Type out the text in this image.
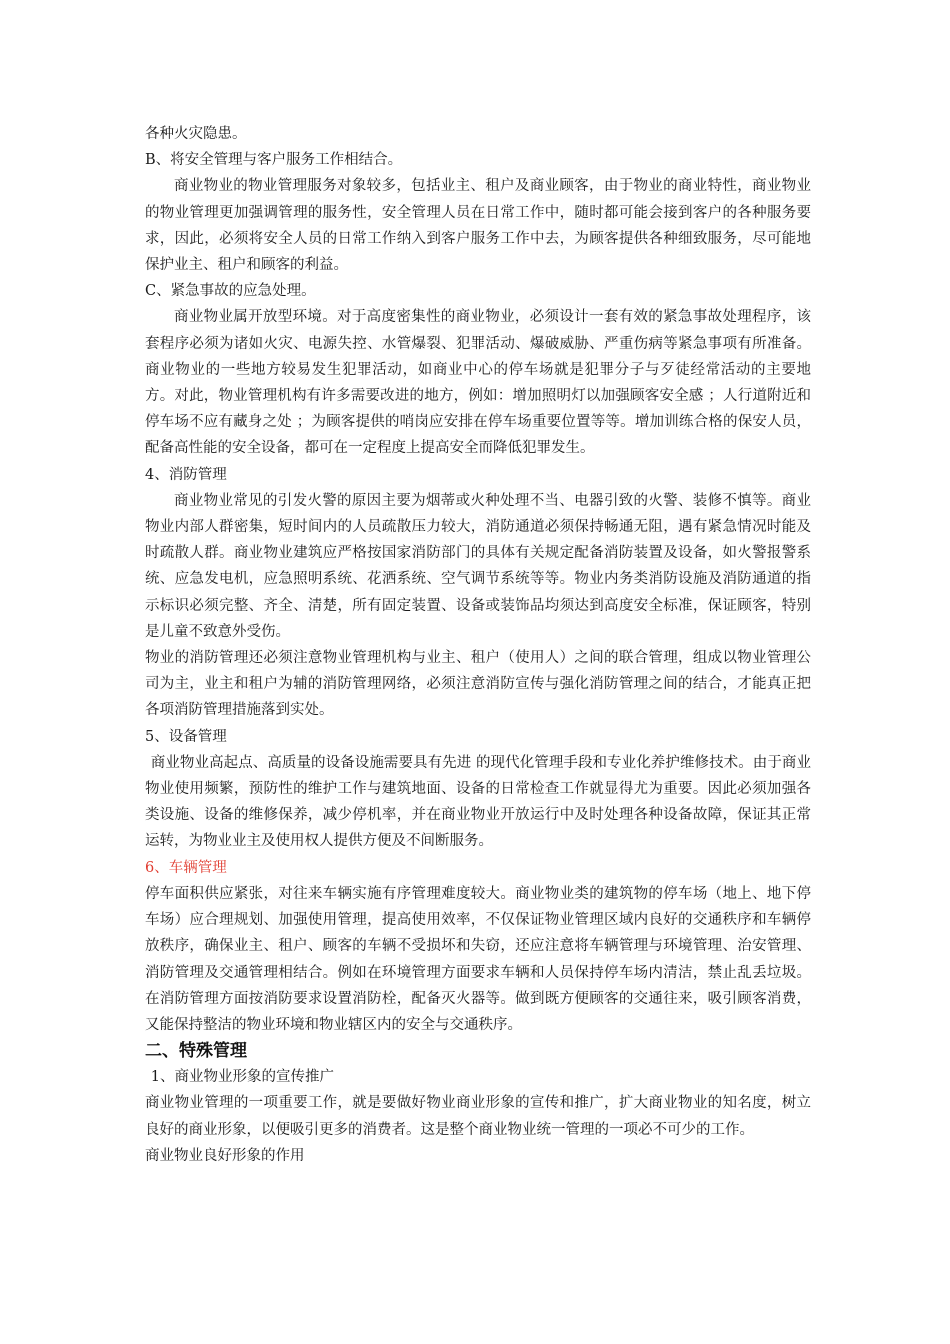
各种火灾隐患。

B、将安全管理与客户服务工作相结合。

商业物业的物业管理服务对象较多，包括业主、租户及商业顾客，由于物业的商业特性，商业物业的物业管理更加强调管理的服务性，安全管理人员在日常工作中，随时都可能会接到客户的各种服务要求，因此，必须将安全人员的日常工作纳入到客户服务工作中去，为顾客提供各种细致服务，尽可能地保护业主、租户和顾客的利益。

C、紧急事故的应急处理。

商业物业属开放型环境。对于高度密集性的商业物业，必须设计一套有效的紧急事故处理程序，该套程序必须为诸如火灾、电源失控、水管爆裂、犯罪活动、爆破威胁、严重伤病等紧急事项有所准备。商业物业的一些地方较易发生犯罪活动，如商业中心的停车场就是犯罪分子与歹徒经常活动的主要地方。对此，物业管理机构有许多需要改进的地方，例如：增加照明灯以加强顾客安全感 ；人行道附近和停车场不应有藏身之处 ；为顾客提供的哨岗应安排在停车场重要位置等等。增加训练合格的保安人员，配备高性能的安全设备，都可在一定程度上提高安全而降低犯罪发生。

4、消防管理

商业物业常见的引发火警的原因主要为烟蒂或火种处理不当、电器引致的火警、装修不慎等。商业物业内部人群密集，短时间内的人员疏散压力较大，消防通道必须保持畅通无阻，遇有紧急情况时能及时疏散人群。商业物业建筑应严格按国家消防部门的具体有关规定配备消防装置及设备，如火警报警系统、应急发电机，应急照明系统、花洒系统、空气调节系统等等。物业内务类消防设施及消防通道的指示标识必须完整、齐全、清楚，所有固定装置、设备或装饰品均须达到高度安全标准，保证顾客，特别是儿童不致意外受伤。

物业的消防管理还必须注意物业管理机构与业主、租户（使用人）之间的联合管理，组成以物业管理公司为主，业主和租户为辅的消防管理网络，必须注意消防宣传与强化消防管理之间的结合，才能真正把各项消防管理措施落到实处。

5、设备管理

商业物业高起点、高质量的设备设施需要具有先进 的现代化管理手段和专业化养护维修技术。由于商业物业使用频繁，预防性的维护工作与建筑地面、设备的日常检查工作就显得尤为重要。因此必须加强各类设施、设备的维修保养，减少停机率，并在商业物业开放运行中及时处理各种设备故障，保证其正常运转，为物业业主及使用权人提供方便及不间断服务。

6、车辆管理

停车面积供应紧张，对往来车辆实施有序管理难度较大。商业物业类的建筑物的停车场（地上、地下停车场）应合理规划、加强使用管理，提高使用效率，不仅保证物业管理区域内良好的交通秩序和车辆停放秩序，确保业主、租户、顾客的车辆不受损坏和失窃，还应注意将车辆管理与环境管理、治安管理、消防管理及交通管理相结合。例如在环境管理方面要求车辆和人员保持停车场内清洁，禁止乱丢垃圾。在消防管理方面按消防要求设置消防栓，配备灭火器等。做到既方便顾客的交通往来，吸引顾客消费，又能保持整洁的物业环境和物业辖区内的安全与交通秩序。

二、特殊管理

1、商业物业形象的宣传推广

商业物业管理的一项重要工作，就是要做好物业商业形象的宣传和推广，扩大商业物业的知名度，树立良好的商业形象，以便吸引更多的消费者。这是整个商业物业统一管理的一项必不可少的工作。

商业物业良好形象的作用
